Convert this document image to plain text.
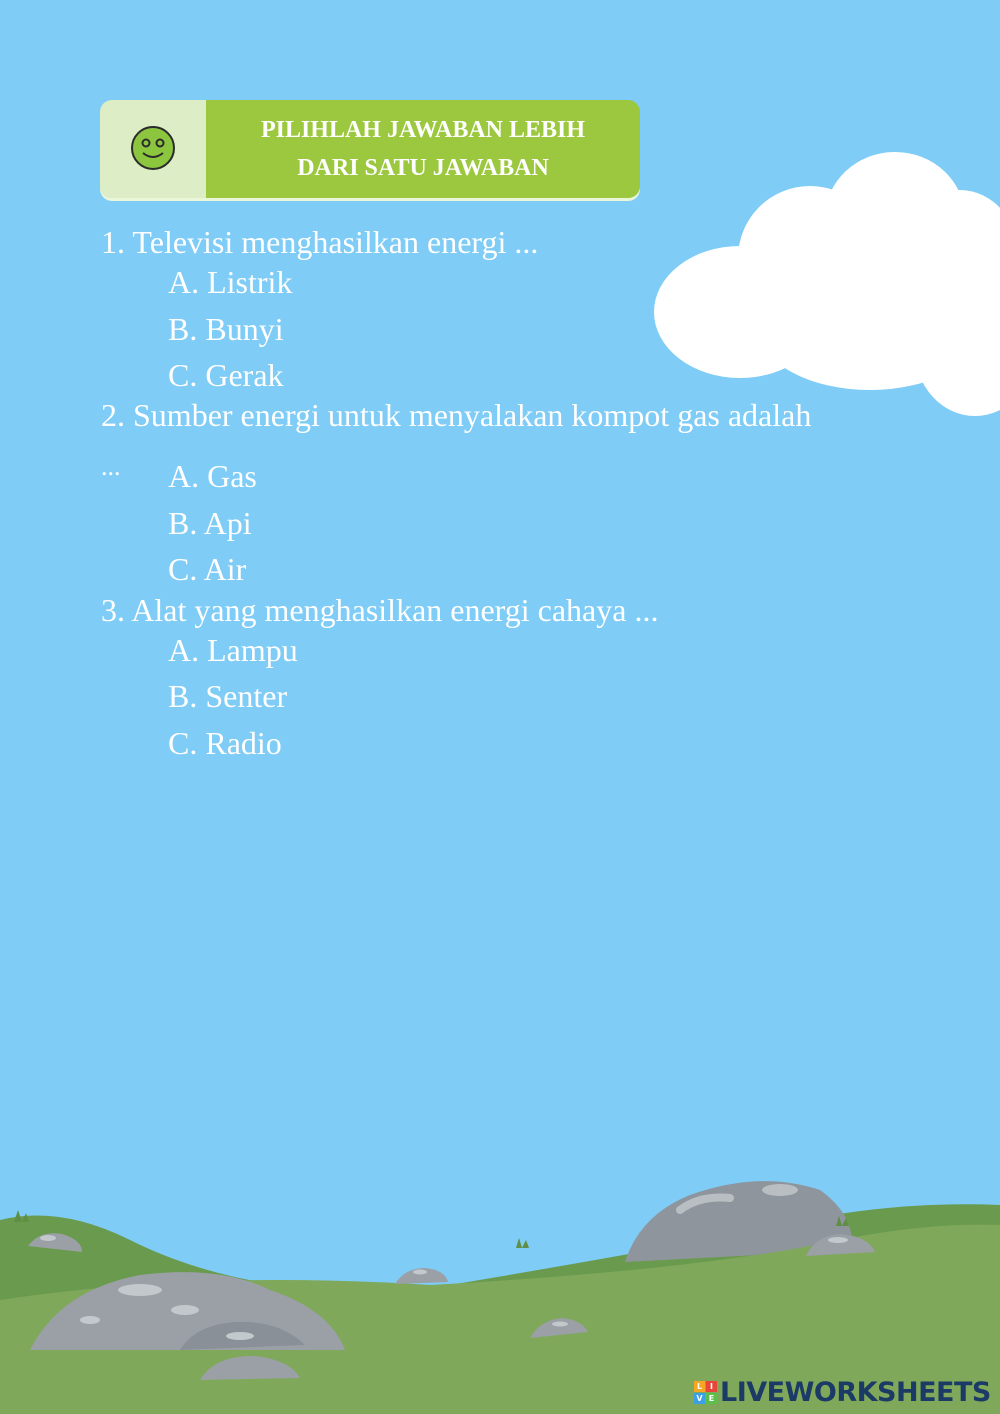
PILIHLAH JAWABAN LEBIH
DARI SATU JAWABAN
1. Televisi menghasilkan energi ...
A. Listrik
B. Bunyi
C. Gerak
2. Sumber energi untuk menyalakan kompot gas adalah
... A. Gas
B. Api
C. Air
3. Alat yang menghasilkan energi cahaya ...
A. Lampu
B. Senter
C. Radio
L I
V E LIVEWORKSHEETS
